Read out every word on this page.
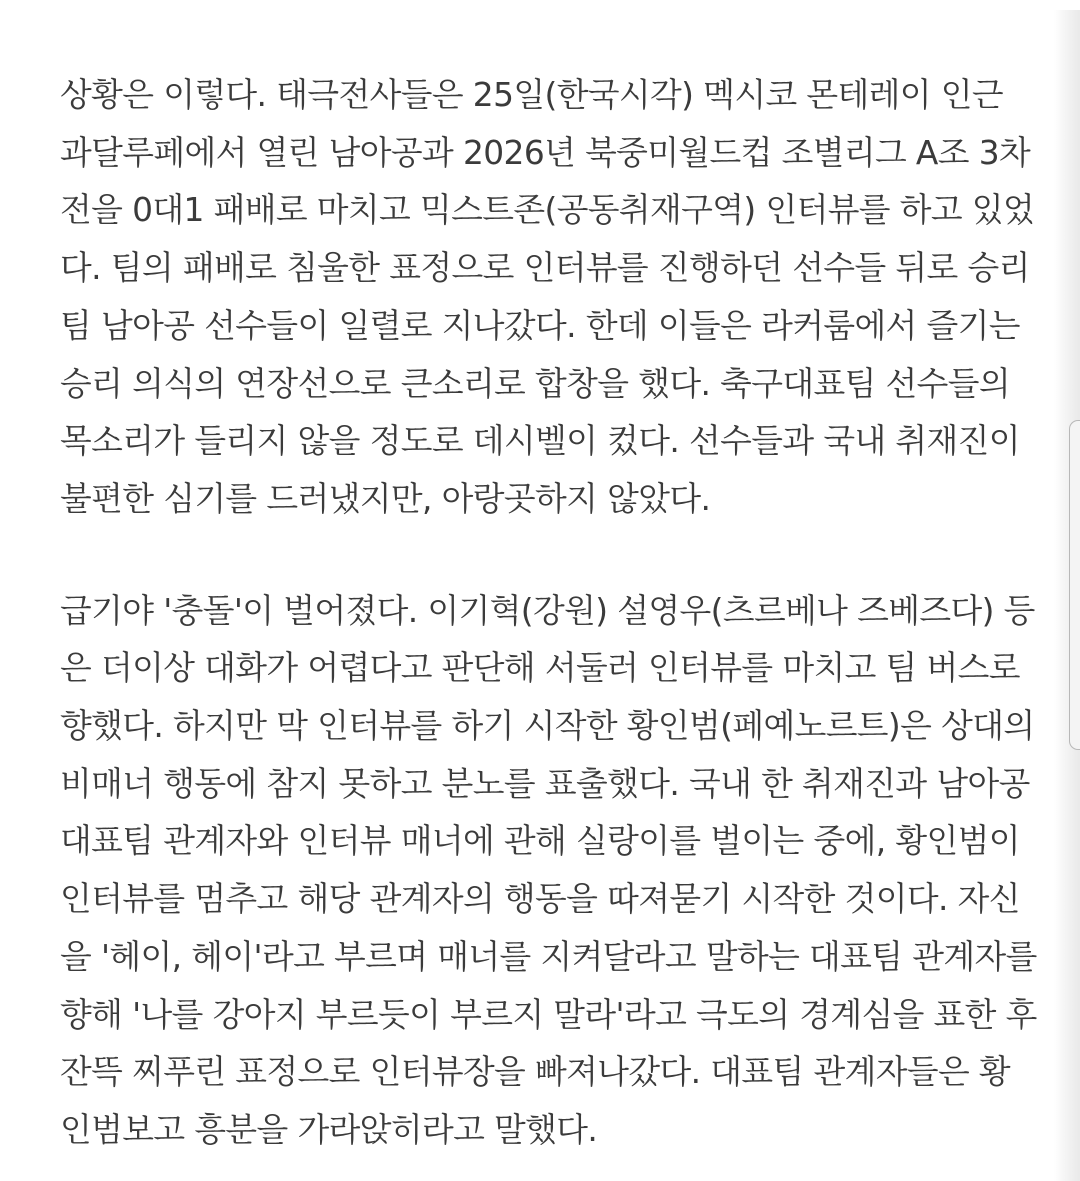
상황은 이렇다. 태극전사들은 25일(한국시각) 멕시코 몬테레이 인근
과달루페에서 열린 남아공과 2026년 북중미월드컵 조별리그 A조 3차
전을 0대1 패배로 마치고 믹스트존(공동취재구역) 인터뷰를 하고 있었
다. 팀의 패배로 침울한 표정으로 인터뷰를 진행하던 선수들 뒤로 승리
팀 남아공 선수들이 일렬로 지나갔다. 한데 이들은 라커룸에서 즐기는
승리 의식의 연장선으로 큰소리로 합창을 했다. 축구대표팀 선수들의
목소리가 들리지 않을 정도로 데시벨이 컸다. 선수들과 국내 취재진이
불편한 심기를 드러냈지만, 아랑곳하지 않았다.
급기야 '충돌'이 벌어졌다. 이기혁(강원) 설영우(츠르베나 즈베즈다) 등
은 더이상 대화가 어렵다고 판단해 서둘러 인터뷰를 마치고 팀 버스로
향했다. 하지만 막 인터뷰를 하기 시작한 황인범(페예노르트)은 상대의
비매너 행동에 참지 못하고 분노를 표출했다. 국내 한 취재진과 남아공
대표팀 관계자와 인터뷰 매너에 관해 실랑이를 벌이는 중에, 황인범이
인터뷰를 멈추고 해당 관계자의 행동을 따져묻기 시작한 것이다. 자신
을 '헤이, 헤이'라고 부르며 매너를 지켜달라고 말하는 대표팀 관계자를
향해 '나를 강아지 부르듯이 부르지 말라'라고 극도의 경계심을 표한 후
잔뜩 찌푸린 표정으로 인터뷰장을 빠져나갔다. 대표팀 관계자들은 황
인범보고 흥분을 가라앉히라고 말했다.
